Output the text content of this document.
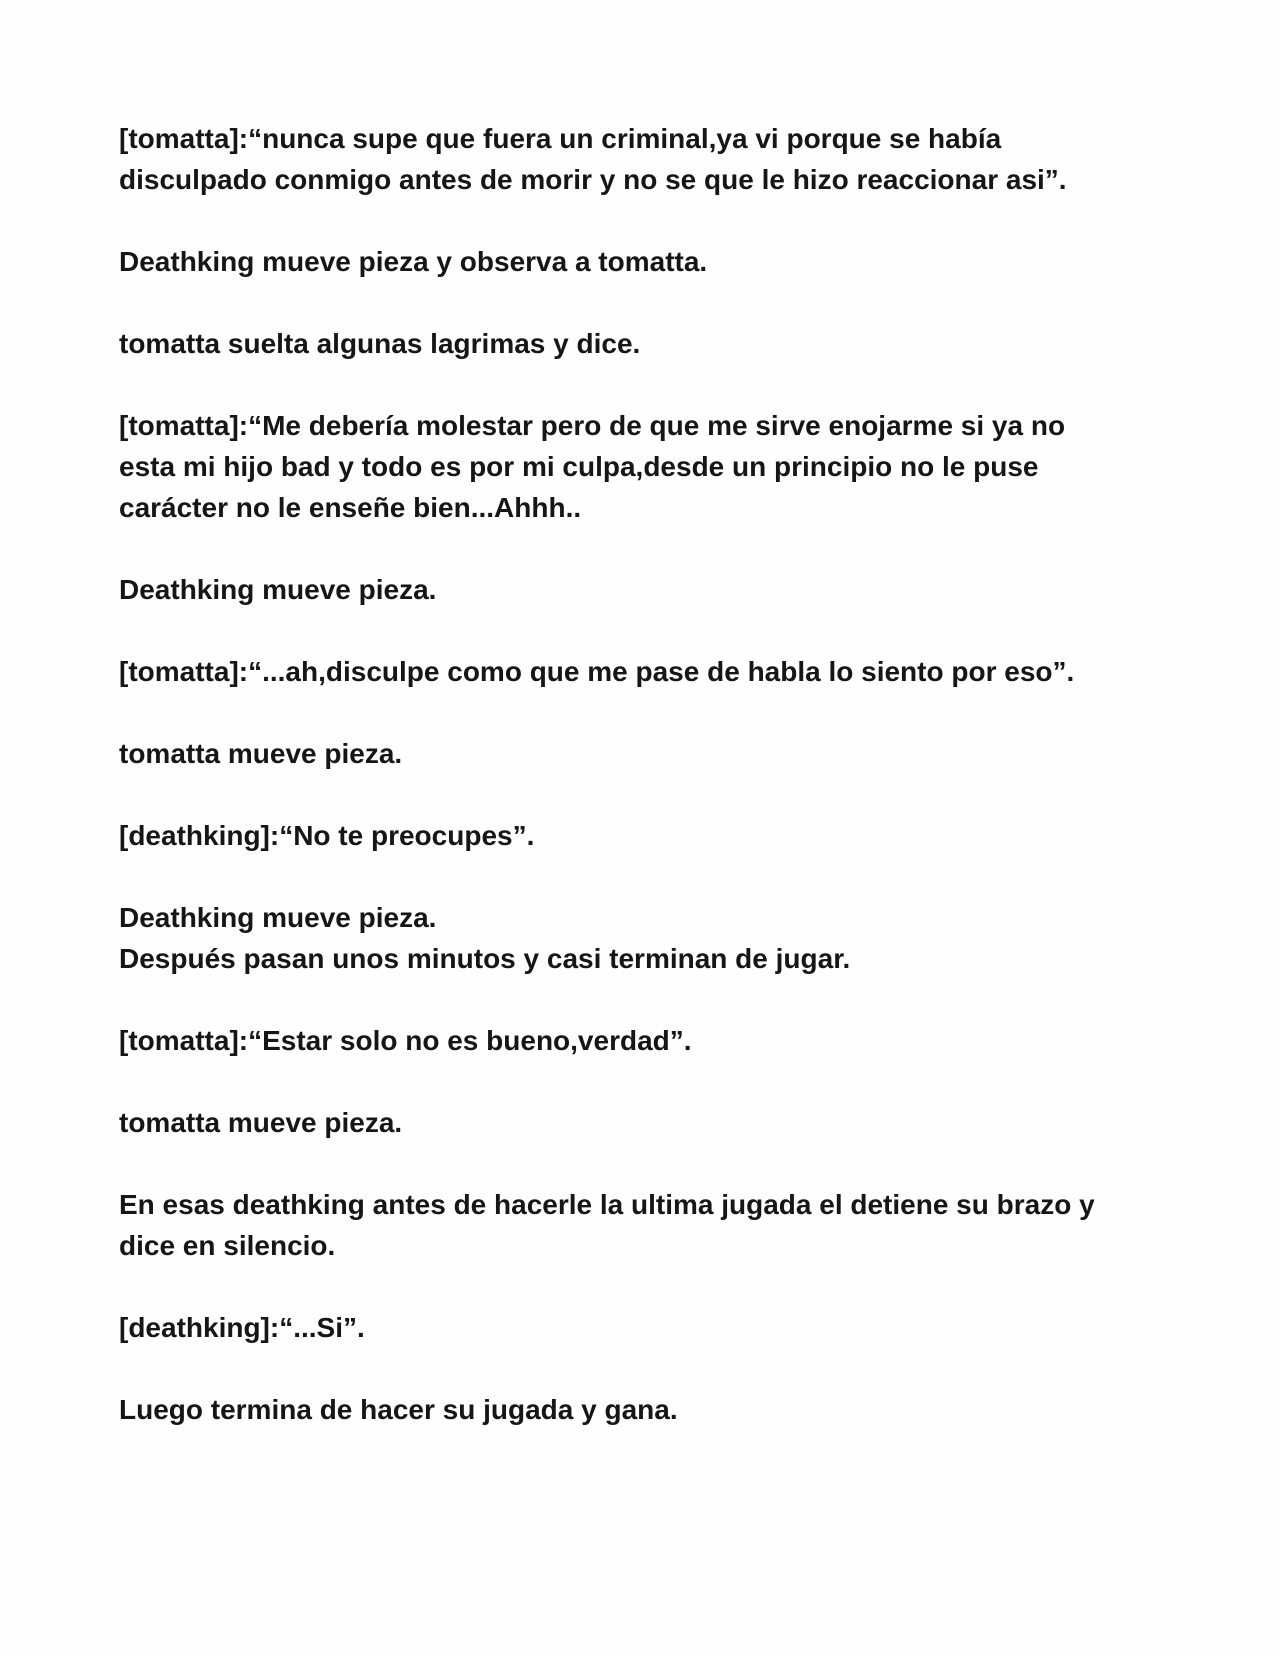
[tomatta]:“nunca supe que fuera un criminal,ya vi porque se había
disculpado conmigo antes de morir y no se que le hizo reaccionar asi”.

Deathking mueve pieza y observa a tomatta.

tomatta suelta algunas lagrimas y dice.

[tomatta]:“Me debería molestar pero de que me sirve enojarme si ya no
esta mi hijo bad y todo es por mi culpa,desde un principio no le puse
carácter no le enseñe bien...Ahhh..

Deathking mueve pieza.

[tomatta]:“...ah,disculpe como que me pase de habla lo siento por eso”.

tomatta mueve pieza.

[deathking]:“No te preocupes”.

Deathking mueve pieza.
Después pasan unos minutos y casi terminan de jugar.

[tomatta]:“Estar solo no es bueno,verdad”.

tomatta mueve pieza.

En esas deathking antes de hacerle la ultima jugada el detiene su brazo y
dice en silencio.

[deathking]:“...Si”.

Luego termina de hacer su jugada y gana.
